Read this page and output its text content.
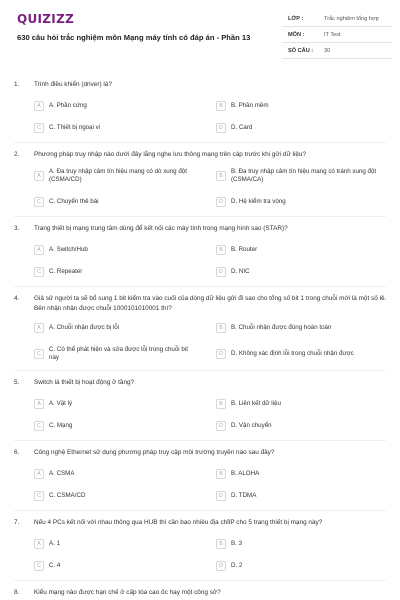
QUIZIZZ
630 câu hỏi trắc nghiệm môn Mạng máy tính có đáp án - Phần 13
LỚP :	Trắc nghiệm tổng hợp
MÔN :	IT Test
SỐ CÂU :	30
1. Trình điều khiển (driver) là?
A	A. Phần cứng	B	B. Phần mềm
C	C. Thiết bị ngoại vi	D	D. Card
2. Phương pháp truy nhập nào dưới đây lắng nghe lưu thông mạng trên cáp trước khi gửi dữ liệu?
A
A. Đa truy nhập cảm tín hiệu mang có dò xung đột (CSMA/CD)	B
B. Đa truy nhập cảm tín hiệu mang có tránh xung đột (CSMA/CA)
C	C. Chuyển thẻ bài	D	D. Hệ kiểm tra vòng
3. Trang thiết bị mạng trung tâm dùng để kết nối các máy tính trong mạng hình sao (STAR)?
A	A. Switch/Hub	B	B. Router
C	C. Repeater	D	D. NIC
4. Giả sử người ta sẽ bổ sung 1 bit kiểm tra vào cuối của dòng dữ liệu gửi đi sao cho tổng số bit 1 trong chuỗi mới là một số lẻ. Bên nhận nhận được chuỗi 1000101010001 thì?
A	A. Chuỗi nhận được bị lỗi	B	B. Chuỗi nhận được đúng hoàn toàn
C
C. Có thể phát hiện và sửa được lỗi trong chuỗi bit này	D	D. Không xác định lỗi trong chuỗi nhận được
5. Switch là thiết bị hoạt động ở tầng?
A	A. Vật lý	B	B. Liên kết dữ liệu
C	C. Mạng	D	D. Vận chuyển
6. Công nghệ Ethernet sử dụng phương pháp truy cập môi trường truyền nào sau đây?
A	A. CSMA	B	B. ALOHA
C	C. CSMA/CD	D	D. TDMA
7. Nếu 4 PCs kết nối với nhau thông qua HUB thì cần bao nhiêu địa chỉIP cho 5 trang thiết bị mạng này?
A	A. 1	B	B. 3
C	C. 4	D	D. 2
8. Kiểu mạng nào được hạn chế ở cấp tòa cao ốc hay một công sở?
